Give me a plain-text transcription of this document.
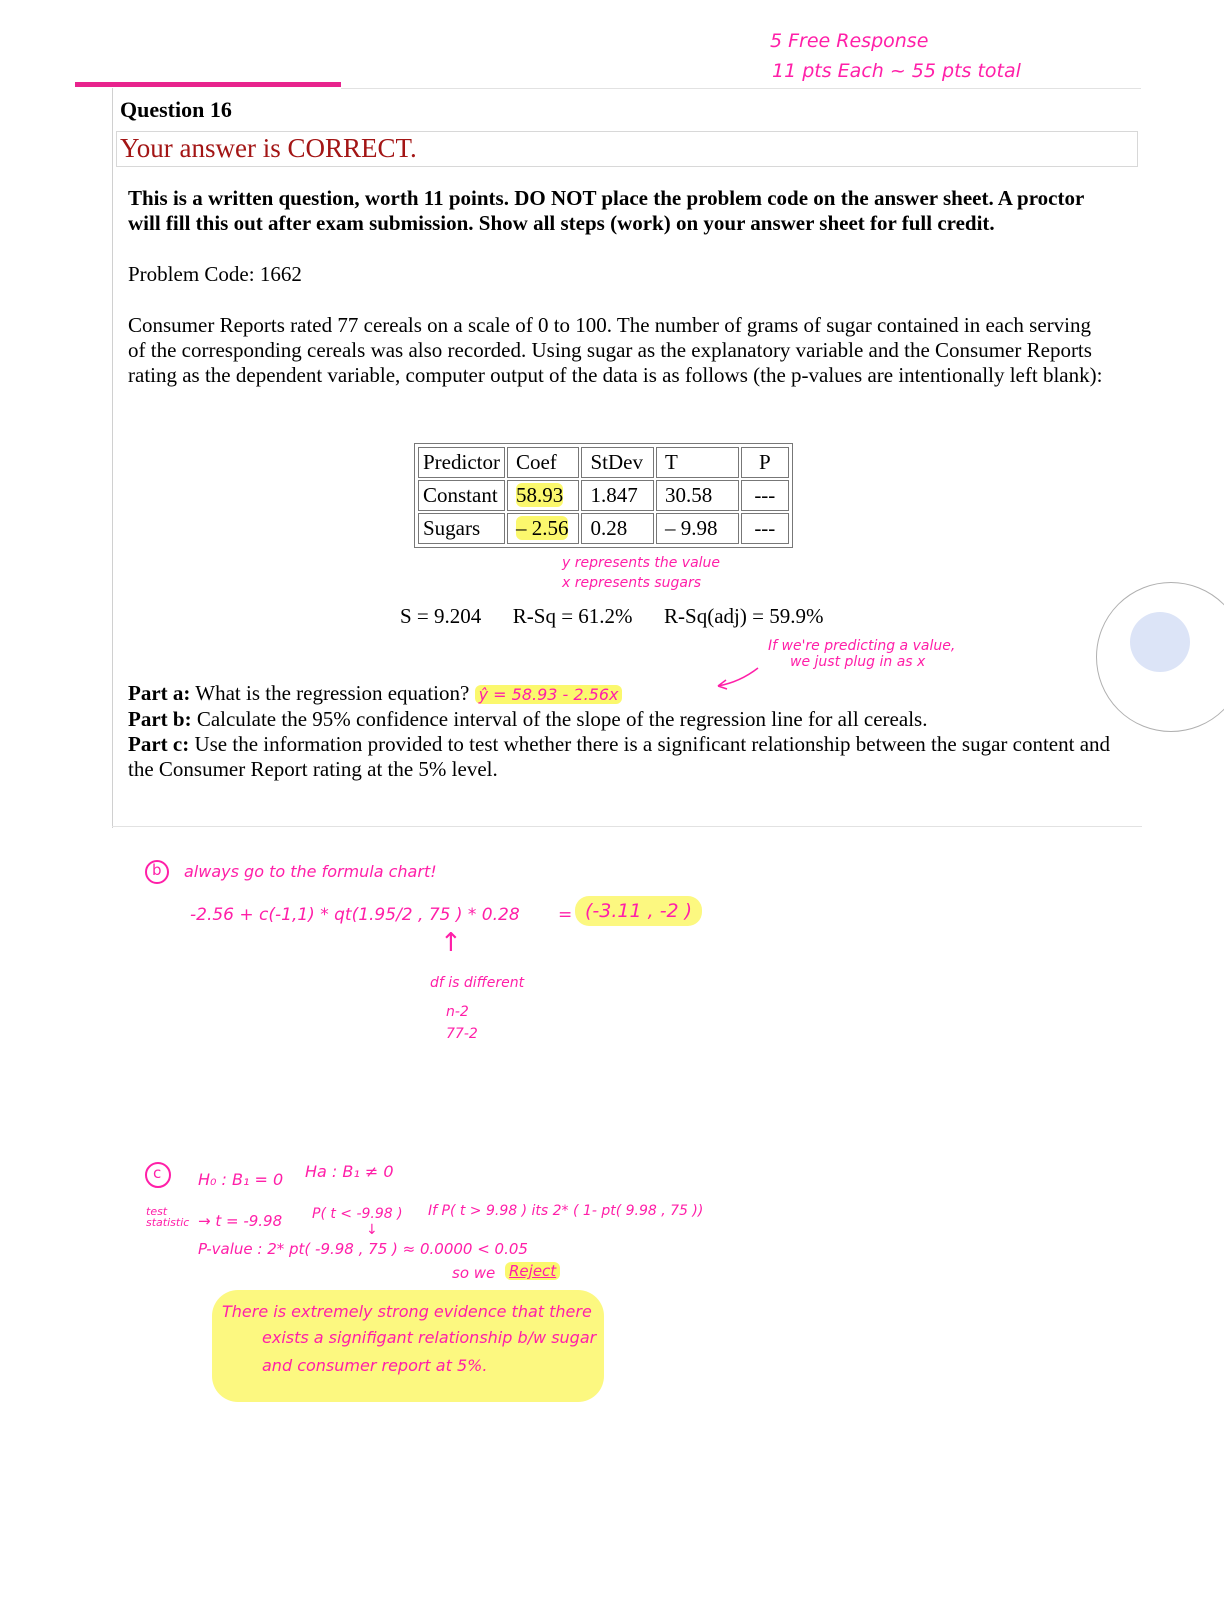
5 Free Response
11 pts Each ~ 55 pts total
Question 16
Your answer is CORRECT.
This is a written question, worth 11 points. DO NOT place the problem code on the answer sheet. A proctor will fill this out after exam submission. Show all steps (work) on your answer sheet for full credit.
Problem Code: 1662
Consumer Reports rated 77 cereals on a scale of 0 to 100. The number of grams of sugar contained in each serving of the corresponding cereals was also recorded. Using sugar as the explanatory variable and the Consumer Reports rating as the dependent variable, computer output of the data is as follows (the p-values are intentionally left blank):
Predictor	Coef	StDev	T	P
Constant	58.93	1.847	30.58	---
Sugars	– 2.56	0.28	– 9.98	---
y represents the value
x represents sugars
S = 9.204 R-Sq = 61.2% R-Sq(adj) = 59.9%
If we're predicting a value,
we just plug in as x
Part a: What is the regression equation? ŷ = 58.93 - 2.56x
Part b: Calculate the 95% confidence interval of the slope of the regression line for all cereals.
Part c: Use the information provided to test whether there is a significant relationship between the sugar content and the Consumer Report rating at the 5% level.
b always go to the formula chart!
-2.56 + c(-1,1) * qt(1.95/2 , 75 ) * 0.28 = (-3.11 , -2 )
↑
df is different
n-2
77-2
c H₀ : B₁ = 0 Ha : B₁ ≠ 0
test statistic → t = -9.98 P( t < -9.98 )
↓
If P( t > 9.98 ) its 2* ( 1- pt( 9.98 , 75 ))
P-value : 2* pt( -9.98 , 75 ) ≈ 0.0000 < 0.05
so we Reject
There is extremely strong evidence that there
exists a signifigant relationship b/w sugar
and consumer report at 5%.
